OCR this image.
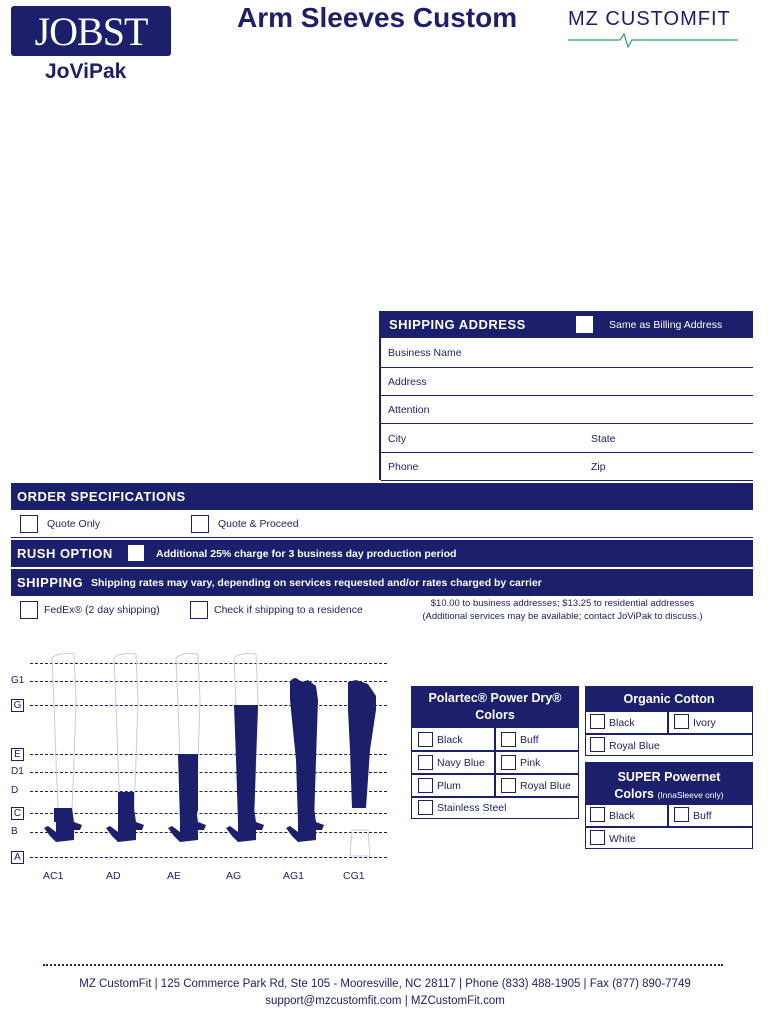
JOBST
JoViPak
Arm Sleeves Custom	MZ CUSTOMFIT
SHIPPING ADDRESS	Same as Billing Address
Business Name
Address
Attention
City	State
Phone	Zip
ORDER SPECIFICATIONS
Quote Only	Quote & Proceed
RUSH OPTION	Additional 25% charge for 3 business day production period
SHIPPING Shipping rates may vary, depending on services requested and/or rates charged by carrier
FedEx® (2 day shipping)	Check if shipping to a residence
$10.00 to business addresses; $13.25 to residential addresses
(Additional services may be available; contact JoViPak to discuss.)
G1
G
E
D1
D
C
B
A
AC1	AD	AE	AG	AG1	CG1
Polartec® Power Dry®
Colors
Black	Buff
Navy Blue	Pink
Plum	Royal Blue
Stainless Steel
Organic Cotton
Black	Ivory
Royal Blue
SUPER Powernet
Colors (InnaSleeve only)
Black	Buff
White
MZ CustomFit | 125 Commerce Park Rd, Ste 105 - Mooresville, NC 28117 | Phone (833) 488-1905 | Fax (877) 890-7749
support@mzcustomfit.com | MZCustomFit.com
